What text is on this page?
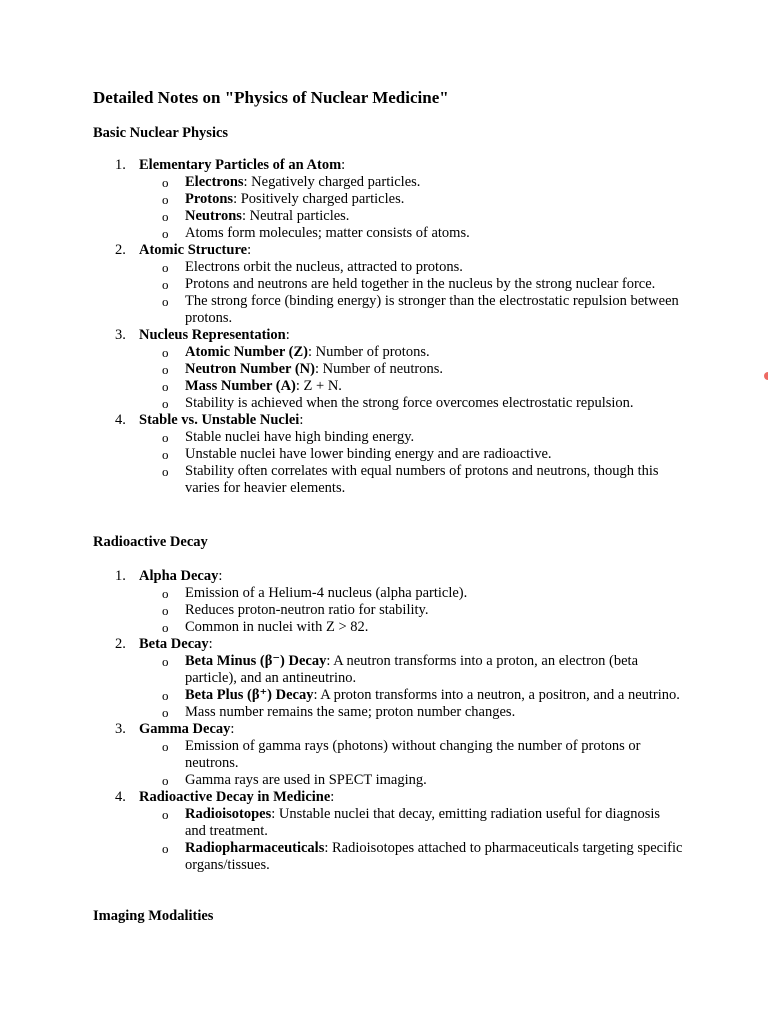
Detailed Notes on "Physics of Nuclear Medicine"
Basic Nuclear Physics
1. Elementary Particles of an Atom:
o Electrons: Negatively charged particles.
o Protons: Positively charged particles.
o Neutrons: Neutral particles.
o Atoms form molecules; matter consists of atoms.
2. Atomic Structure:
o Electrons orbit the nucleus, attracted to protons.
o Protons and neutrons are held together in the nucleus by the strong nuclear force.
o The strong force (binding energy) is stronger than the electrostatic repulsion between protons.
3. Nucleus Representation:
o Atomic Number (Z): Number of protons.
o Neutron Number (N): Number of neutrons.
o Mass Number (A): Z + N.
o Stability is achieved when the strong force overcomes electrostatic repulsion.
4. Stable vs. Unstable Nuclei:
o Stable nuclei have high binding energy.
o Unstable nuclei have lower binding energy and are radioactive.
o Stability often correlates with equal numbers of protons and neutrons, though this varies for heavier elements.
Radioactive Decay
1. Alpha Decay:
o Emission of a Helium-4 nucleus (alpha particle).
o Reduces proton-neutron ratio for stability.
o Common in nuclei with Z > 82.
2. Beta Decay:
o Beta Minus (β⁻) Decay: A neutron transforms into a proton, an electron (beta particle), and an antineutrino.
o Beta Plus (β⁺) Decay: A proton transforms into a neutron, a positron, and a neutrino.
o Mass number remains the same; proton number changes.
3. Gamma Decay:
o Emission of gamma rays (photons) without changing the number of protons or neutrons.
o Gamma rays are used in SPECT imaging.
4. Radioactive Decay in Medicine:
o Radioisotopes: Unstable nuclei that decay, emitting radiation useful for diagnosis and treatment.
o Radiopharmaceuticals: Radioisotopes attached to pharmaceuticals targeting specific organs/tissues.
Imaging Modalities
